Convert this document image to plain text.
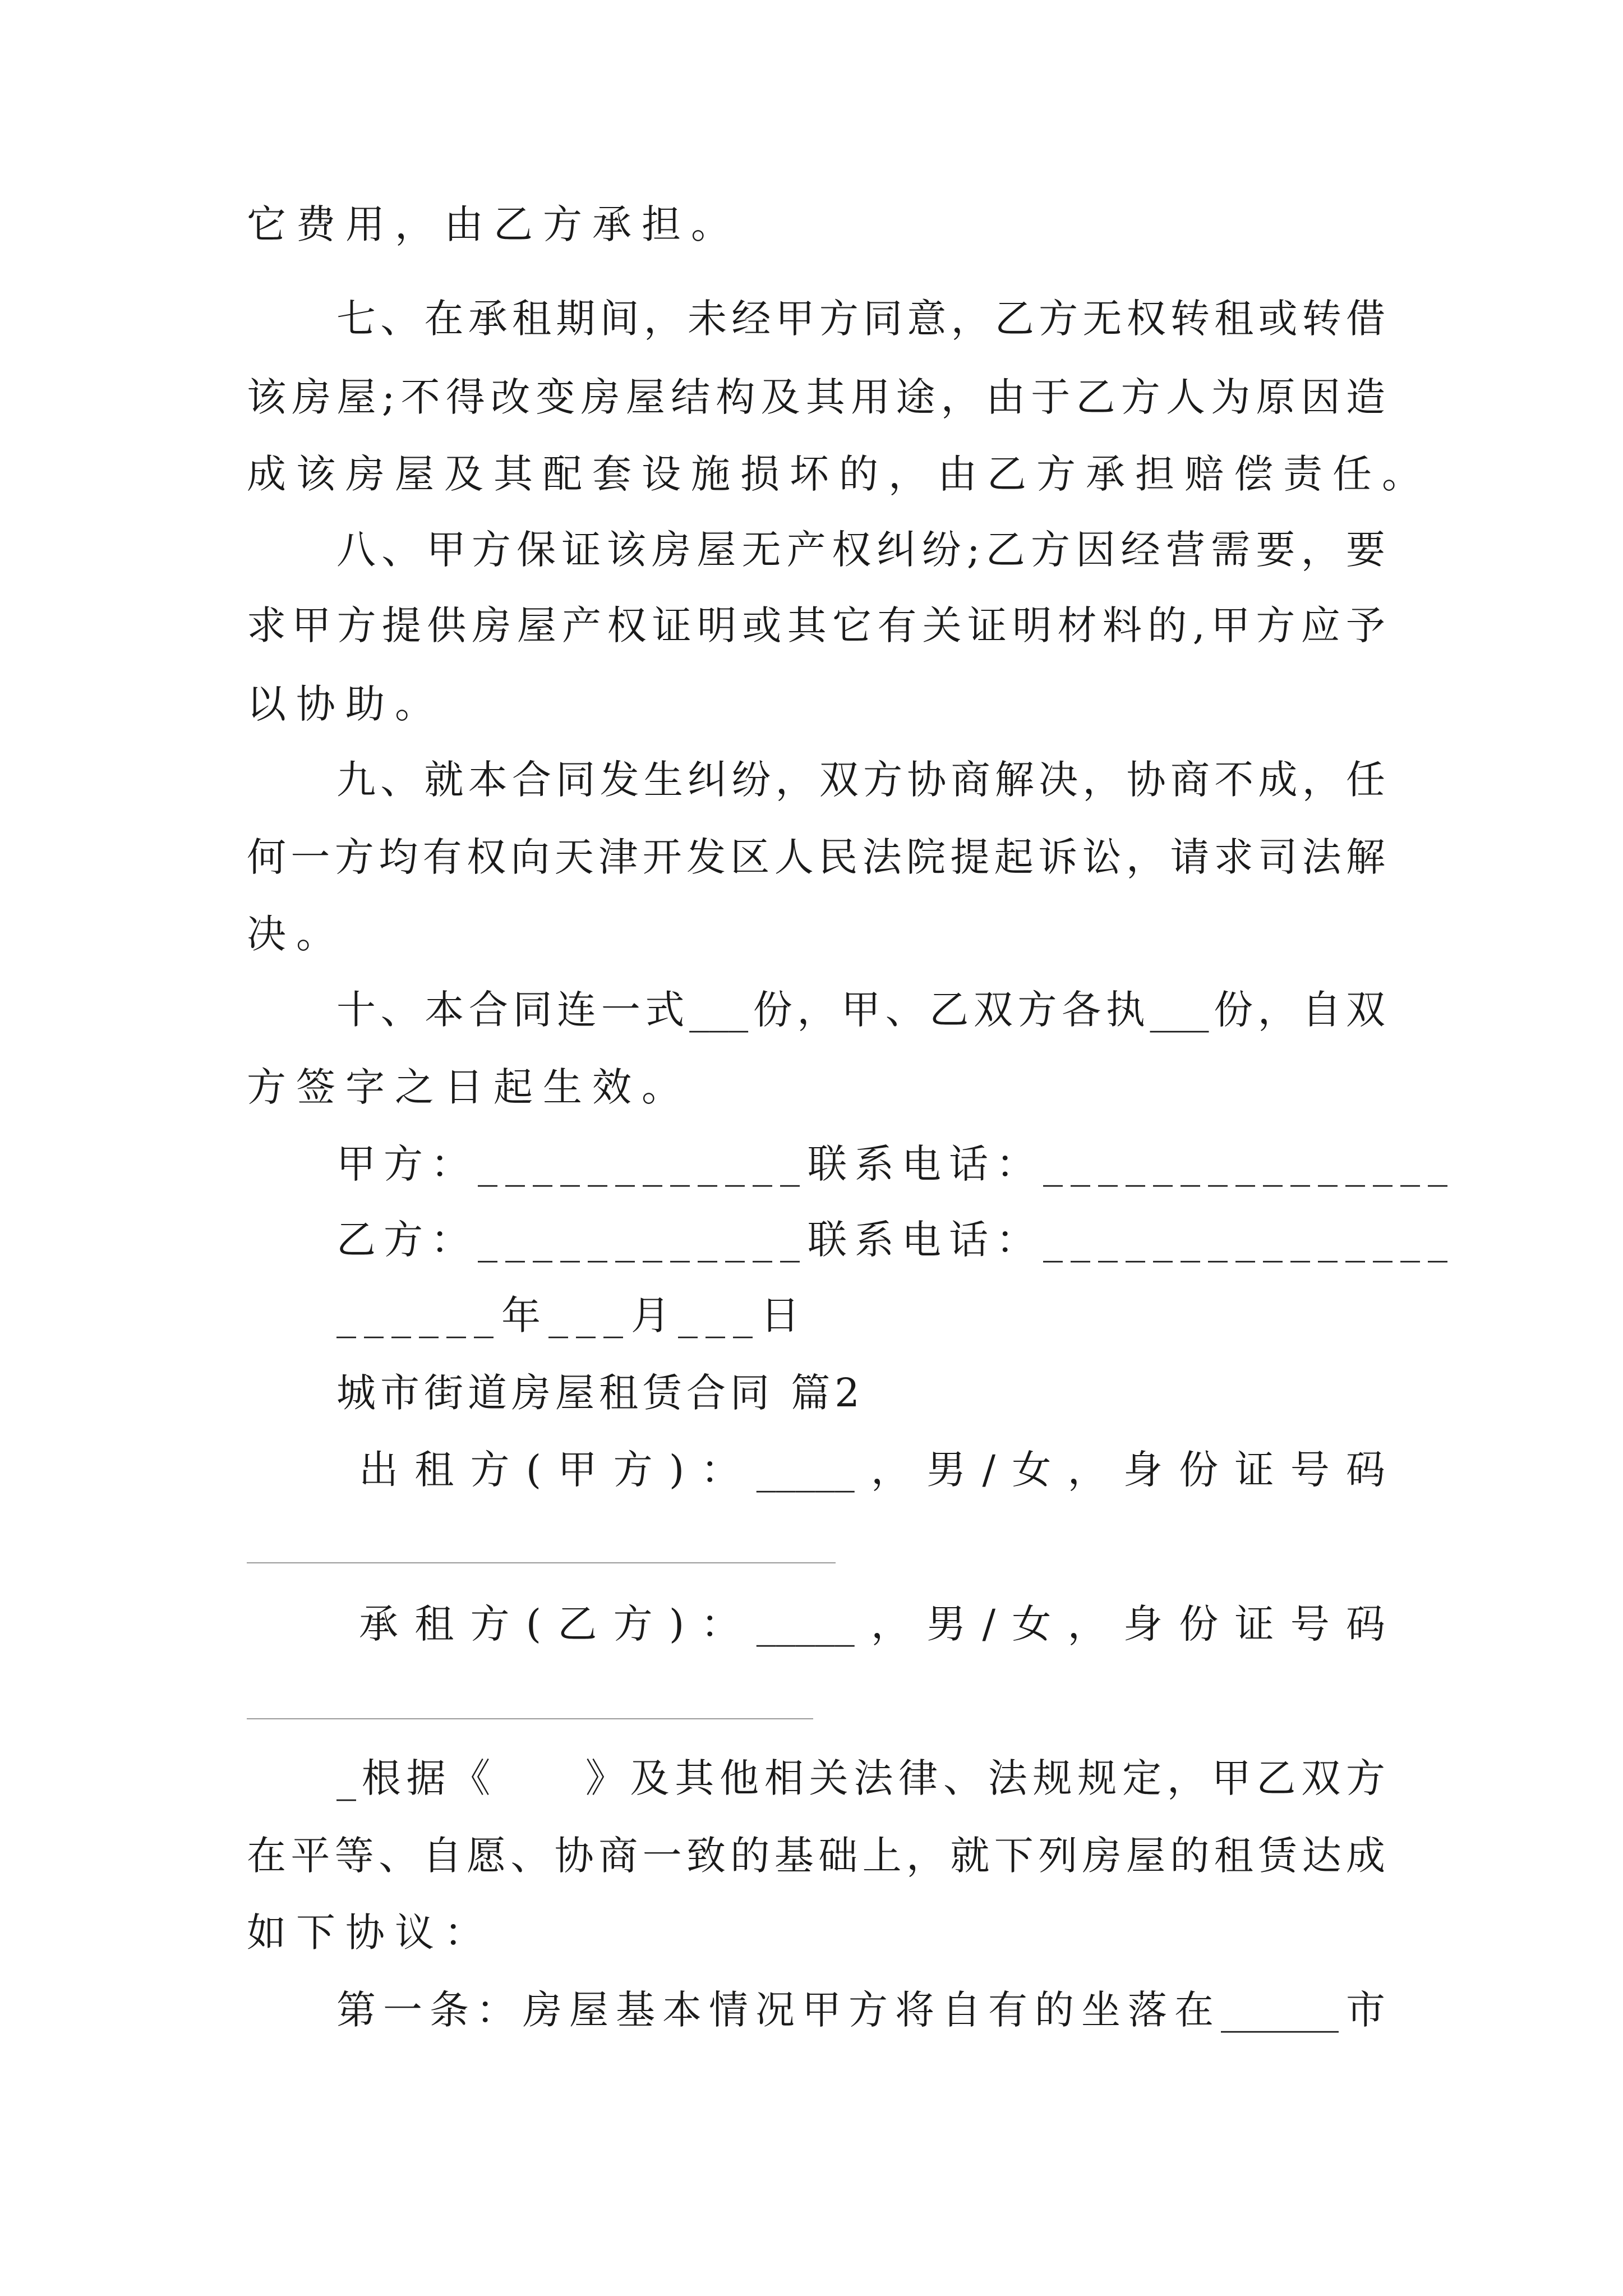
它费用，由乙方承担。

七、在承租期间，未经甲方同意，乙方无权转租或转借

该房屋;不得改变房屋结构及其用途，由于乙方人为原因造

成该房屋及其配套设施损坏的，由乙方承担赔偿责任。

八、甲方保证该房屋无产权纠纷;乙方因经营需要，要

求甲方提供房屋产权证明或其它有关证明材料的,甲方应予

以协助。

九、就本合同发生纠纷，双方协商解决，协商不成，任

何一方均有权向天津开发区人民法院提起诉讼，请求司法解

决。

十、本合同连一式___份，甲、乙双方各执___份，自双

方签字之日起生效。

甲方：____________联系电话：_______________

乙方：____________联系电话：_______________

______年___月___日

城市街道房屋租赁合同 篇2

出租方(甲方)：_____，男/女，身份证号码

承租方(乙方)：_____，男/女，身份证号码

_根据《　　》及其他相关法律、法规规定，甲乙双方

在平等、自愿、协商一致的基础上，就下列房屋的租赁达成

如下协议：

第一条：房屋基本情况甲方将自有的坐落在______市
